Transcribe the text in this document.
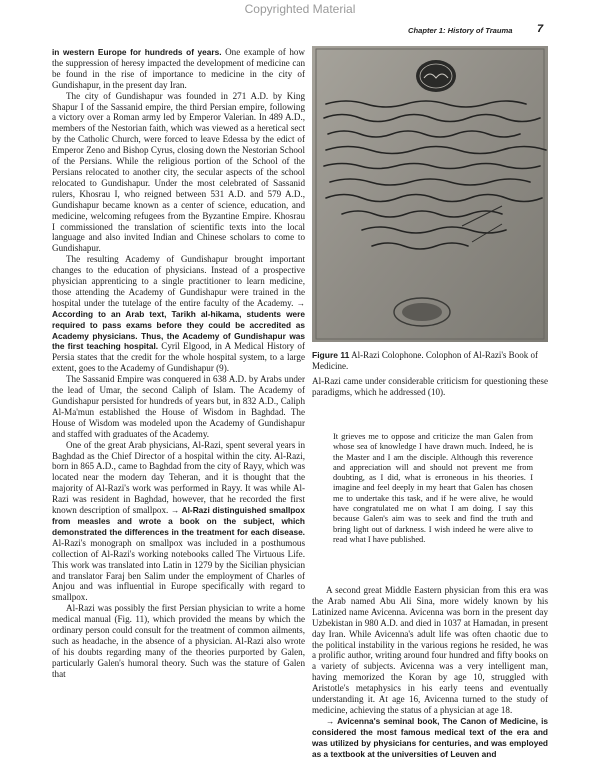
Copyrighted Material
Chapter 1: History of Trauma	7

in western Europe for hundreds of years. One example of how the suppression of heresy impacted the development of medicine can be found in the rise of importance to medicine in the city of Gundishapur, in the present day Iran.

The city of Gundishapur was founded in 271 A.D. by King Shapur I of the Sassanid empire, the third Persian empire, following a victory over a Roman army led by Emperor Valerian. In 489 A.D., members of the Nestorian faith, which was viewed as a heretical sect by the Catholic Church, were forced to leave Edessa by the edict of Emperor Zeno and Bishop Cyrus, closing down the Nestorian School of the Persians. While the religious portion of the School of the Persians relocated to another city, the secular aspects of the school relocated to Gundishapur. Under the most celebrated of Sassanid rulers, Khosrau I, who reigned between 531 A.D. and 579 A.D., Gundishapur became known as a center of science, education, and medicine, welcoming refugees from the Byzantine Empire. Khosrau I commissioned the translation of scientific texts into the local language and also invited Indian and Chinese scholars to come to Gundishapur.

The resulting Academy of Gundishapur brought important changes to the education of physicians. Instead of a prospective physician apprenticing to a single practitioner to learn medicine, those attending the Academy of Gundishapur were trained in the hospital under the tutelage of the entire faculty of the Academy. → According to an Arab text, Tarikh al-hikama, students were required to pass exams before they could be accredited as Academy physicians. Thus, the Academy of Gundishapur was the first teaching hospital. Cyril Elgood, in A Medical History of Persia states that the credit for the whole hospital system, to a large extent, goes to the Academy of Gundishapur (9).

The Sassanid Empire was conquered in 638 A.D. by Arabs under the lead of Umar, the second Caliph of Islam. The Academy of Gundishapur persisted for hundreds of years but, in 832 A.D., Caliph Al-Ma'mun established the House of Wisdom in Baghdad. The House of Wisdom was modeled upon the Academy of Gundishapur and staffed with graduates of the Academy.

One of the great Arab physicians, Al-Razi, spent several years in Baghdad as the Chief Director of a hospital within the city. Al-Razi, born in 865 A.D., came to Baghdad from the city of Rayy, which was located near the modern day Teheran, and it is thought that the majority of Al-Razi's work was performed in Rayy. It was while Al-Razi was resident in Baghdad, however, that he recorded the first known description of smallpox. → Al-Razi distinguished smallpox from measles and wrote a book on the subject, which demonstrated the differences in the treatment for each disease. Al-Razi's monograph on smallpox was included in a posthumous collection of Al-Razi's working notebooks called The Virtuous Life. This work was translated into Latin in 1279 by the Sicilian physician and translator Faraj ben Salim under the employment of Charles of Anjou and was influential in Europe specifically with regard to smallpox.

Al-Razi was possibly the first Persian physician to write a home medical manual (Fig. 11), which provided the means by which the ordinary person could consult for the treatment of common ailments, such as headache, in the absence of a physician. Al-Razi also wrote of his doubts regarding many of the theories purported by Galen, particularly Galen's humoral theory. Such was the stature of Galen that

Figure 11 Al-Razi Colophone. Colophon of Al-Razi's Book of Medicine.

Al-Razi came under considerable criticism for questioning these paradigms, which he addressed (10).

It grieves me to oppose and criticize the man Galen from whose sea of knowledge I have drawn much. Indeed, he is the Master and I am the disciple. Although this reverence and appreciation will and should not prevent me from doubting, as I did, what is erroneous in his theories. I imagine and feel deeply in my heart that Galen has chosen me to undertake this task, and if he were alive, he would have congratulated me on what I am doing. I say this because Galen's aim was to seek and find the truth and bring light out of darkness. I wish indeed he were alive to read what I have published.

A second great Middle Eastern physician from this era was the Arab named Abu Ali Sina, more widely known by his Latinized name Avicenna. Avicenna was born in the present day Uzbekistan in 980 A.D. and died in 1037 at Hamadan, in present day Iran. While Avicenna's adult life was often chaotic due to the political instability in the various regions he resided, he was a prolific author, writing around four hundred and fifty books on a variety of subjects. Avicenna was a very intelligent man, having memorized the Koran by age 10, struggled with Aristotle's metaphysics in his early teens and eventually understanding it. At age 16, Avicenna turned to the study of medicine, achieving the status of a physician at age 18.

→ Avicenna's seminal book, The Canon of Medicine, is considered the most famous medical text of the era and was utilized by physicians for centuries, and was employed as a textbook at the universities of Leuven and
